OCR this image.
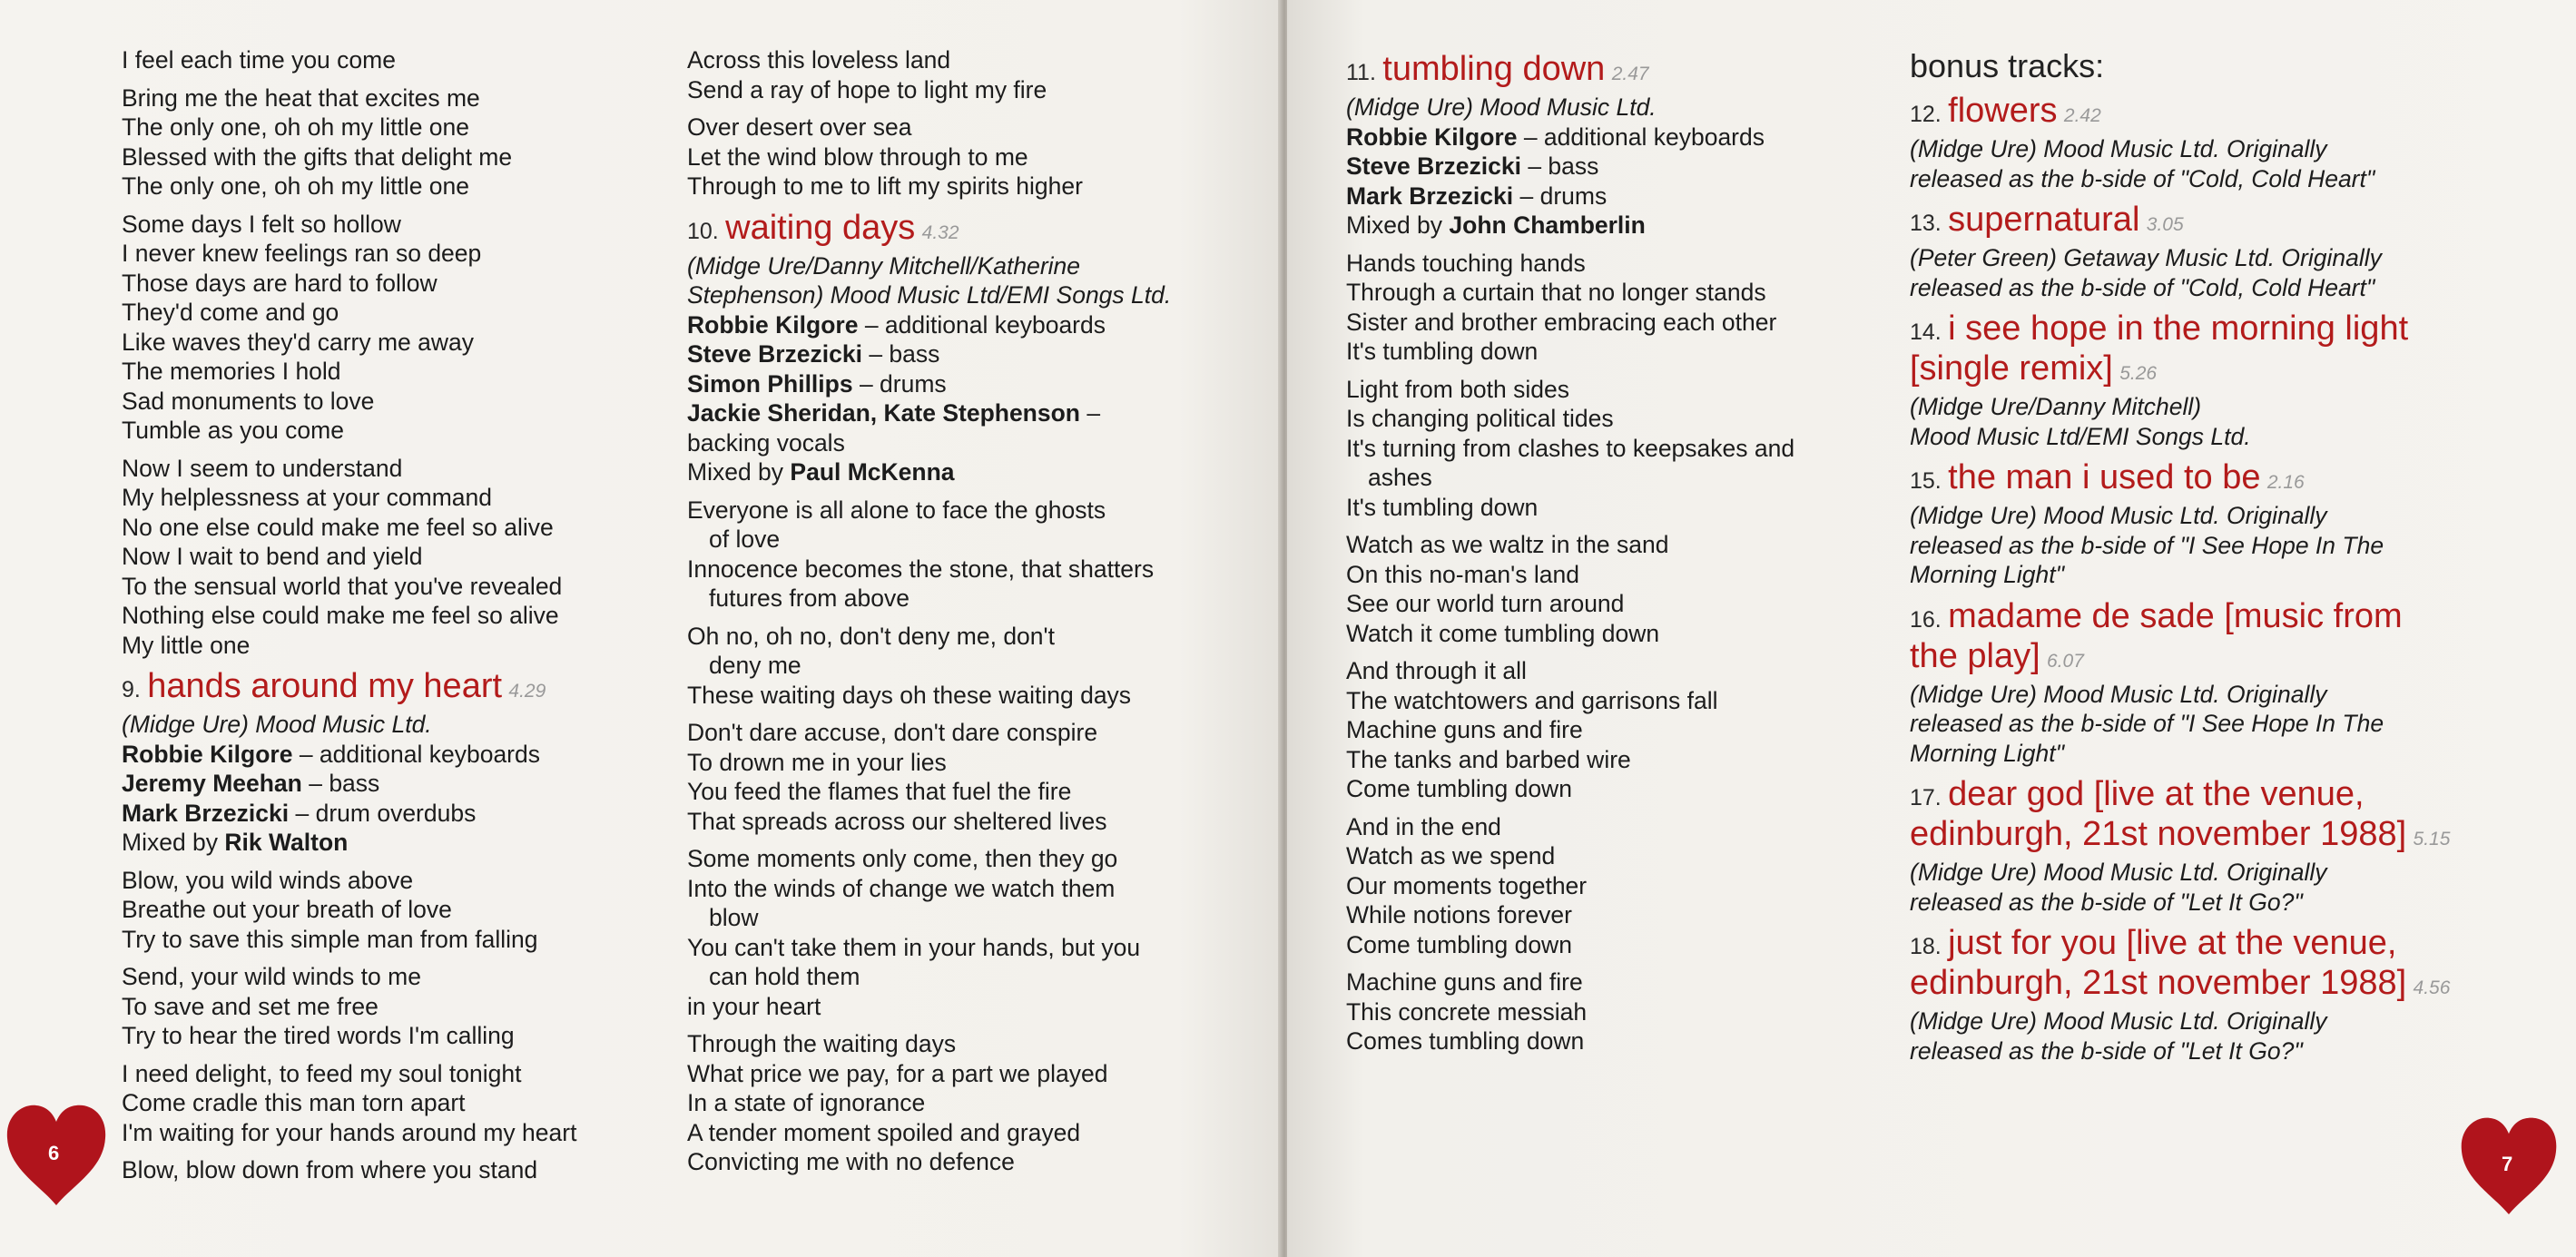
I feel each time you come
Bring me the heat that excites me
The only one, oh oh my little one
Blessed with the gifts that delight me
The only one, oh oh my little one
Some days I felt so hollow
I never knew feelings ran so deep
Those days are hard to follow
They'd come and go
Like waves they'd carry me away
The memories I hold
Sad monuments to love
Tumble as you come
Now I seem to understand
My helplessness at your command
No one else could make me feel so alive
Now I wait to bend and yield
To the sensual world that you've revealed
Nothing else could make me feel so alive
My little one
9. hands around my heart 4.29
(Midge Ure) Mood Music Ltd.
Robbie Kilgore – additional keyboards
Jeremy Meehan – bass
Mark Brzezicki – drum overdubs
Mixed by Rik Walton
Blow, you wild winds above
Breathe out your breath of love
Try to save this simple man from falling
Send, your wild winds to me
To save and set me free
Try to hear the tired words I'm calling
I need delight, to feed my soul tonight
Come cradle this man torn apart
I'm waiting for your hands around my heart
Blow, blow down from where you stand
Across this loveless land
Send a ray of hope to light my fire
Over desert over sea
Let the wind blow through to me
Through to me to lift my spirits higher
10. waiting days 4.32
(Midge Ure/Danny Mitchell/Katherine
Stephenson) Mood Music Ltd/EMI Songs Ltd.
Robbie Kilgore – additional keyboards
Steve Brzezicki – bass
Simon Phillips – drums
Jackie Sheridan, Kate Stephenson –
backing vocals
Mixed by Paul McKenna
Everyone is all alone to face the ghosts
of love
Innocence becomes the stone, that shatters
futures from above
Oh no, oh no, don't deny me, don't
deny me
These waiting days oh these waiting days
Don't dare accuse, don't dare conspire
To drown me in your lies
You feed the flames that fuel the fire
That spreads across our sheltered lives
Some moments only come, then they go
Into the winds of change we watch them
blow
You can't take them in your hands, but you
can hold them
in your heart
Through the waiting days
What price we pay, for a part we played
In a state of ignorance
A tender moment spoiled and grayed
Convicting me with no defence
6	7
11. tumbling down 2.47
(Midge Ure) Mood Music Ltd.
Robbie Kilgore – additional keyboards
Steve Brzezicki – bass
Mark Brzezicki – drums
Mixed by John Chamberlin
Hands touching hands
Through a curtain that no longer stands
Sister and brother embracing each other
It's tumbling down
Light from both sides
Is changing political tides
It's turning from clashes to keepsakes and
ashes
It's tumbling down
Watch as we waltz in the sand
On this no-man's land
See our world turn around
Watch it come tumbling down
And through it all
The watchtowers and garrisons fall
Machine guns and fire
The tanks and barbed wire
Come tumbling down
And in the end
Watch as we spend
Our moments together
While notions forever
Come tumbling down
Machine guns and fire
This concrete messiah
Comes tumbling down
bonus tracks:
12. flowers 2.42
(Midge Ure) Mood Music Ltd. Originally
released as the b-side of "Cold, Cold Heart"
13. supernatural 3.05
(Peter Green) Getaway Music Ltd. Originally
released as the b-side of "Cold, Cold Heart"
14. i see hope in the morning light [single remix] 5.26
(Midge Ure/Danny Mitchell)
Mood Music Ltd/EMI Songs Ltd.
15. the man i used to be 2.16
(Midge Ure) Mood Music Ltd. Originally
released as the b-side of "I See Hope In The
Morning Light"
16. madame de sade [music from the play] 6.07
(Midge Ure) Mood Music Ltd. Originally
released as the b-side of "I See Hope In The
Morning Light"
17. dear god [live at the venue, edinburgh, 21st november 1988] 5.15
(Midge Ure) Mood Music Ltd. Originally
released as the b-side of "Let It Go?"
18. just for you [live at the venue, edinburgh, 21st november 1988] 4.56
(Midge Ure) Mood Music Ltd. Originally
released as the b-side of "Let It Go?"
